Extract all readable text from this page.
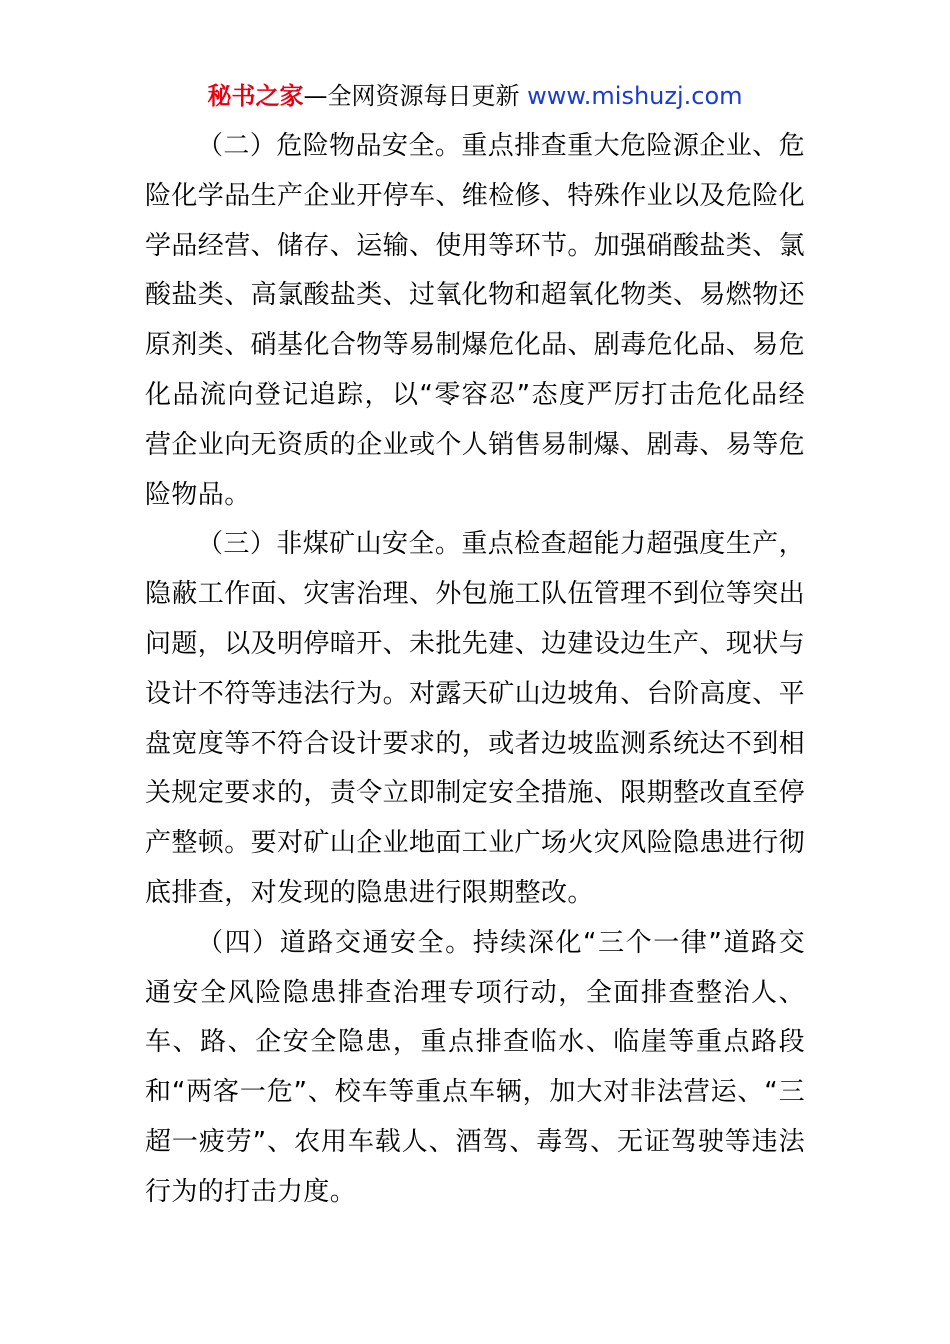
秘书之家—全网资源每日更新 www.mishuzj.com

（二）危险物品安全。重点排查重大危险源企业、危险化学品生产企业开停车、维检修、特殊作业以及危险化学品经营、储存、运输、使用等环节。加强硝酸盐类、氯酸盐类、高氯酸盐类、过氧化物和超氧化物类、易燃物还原剂类、硝基化合物等易制爆危化品、剧毒危化品、易危化品流向登记追踪，以“零容忍”态度严厉打击危化品经营企业向无资质的企业或个人销售易制爆、剧毒、易等危险物品。

（三）非煤矿山安全。重点检查超能力超强度生产，隐蔽工作面、灾害治理、外包施工队伍管理不到位等突出问题，以及明停暗开、未批先建、边建设边生产、现状与设计不符等违法行为。对露天矿山边坡角、台阶高度、平盘宽度等不符合设计要求的，或者边坡监测系统达不到相关规定要求的，责令立即制定安全措施、限期整改直至停产整顿。要对矿山企业地面工业广场火灾风险隐患进行彻底排查，对发现的隐患进行限期整改。

（四）道路交通安全。持续深化“三个一律”道路交通安全风险隐患排查治理专项行动，全面排查整治人、车、路、企安全隐患，重点排查临水、临崖等重点路段和“两客一危”、校车等重点车辆，加大对非法营运、“三超一疲劳”、农用车载人、酒驾、毒驾、无证驾驶等违法行为的打击力度。
